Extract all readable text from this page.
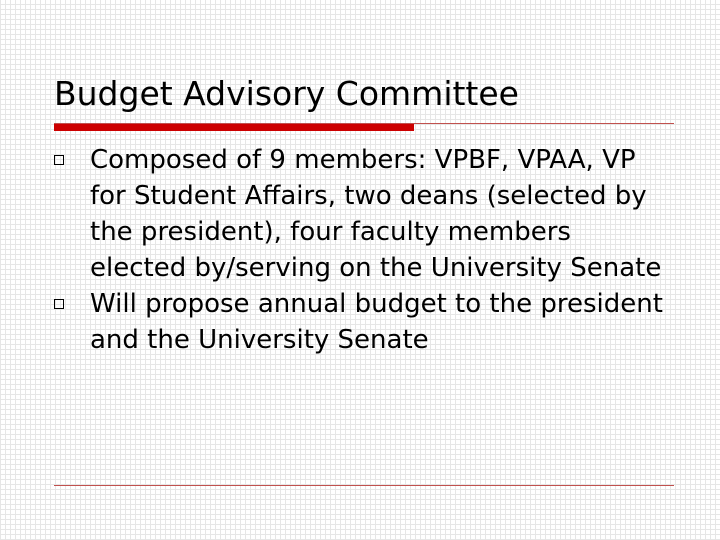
Budget Advisory Committee
Composed of 9 members: VPBF, VPAA, VP for Student Affairs, two deans (selected by the president), four faculty members elected by/serving on the University Senate
Will propose annual budget to the president and the University Senate
